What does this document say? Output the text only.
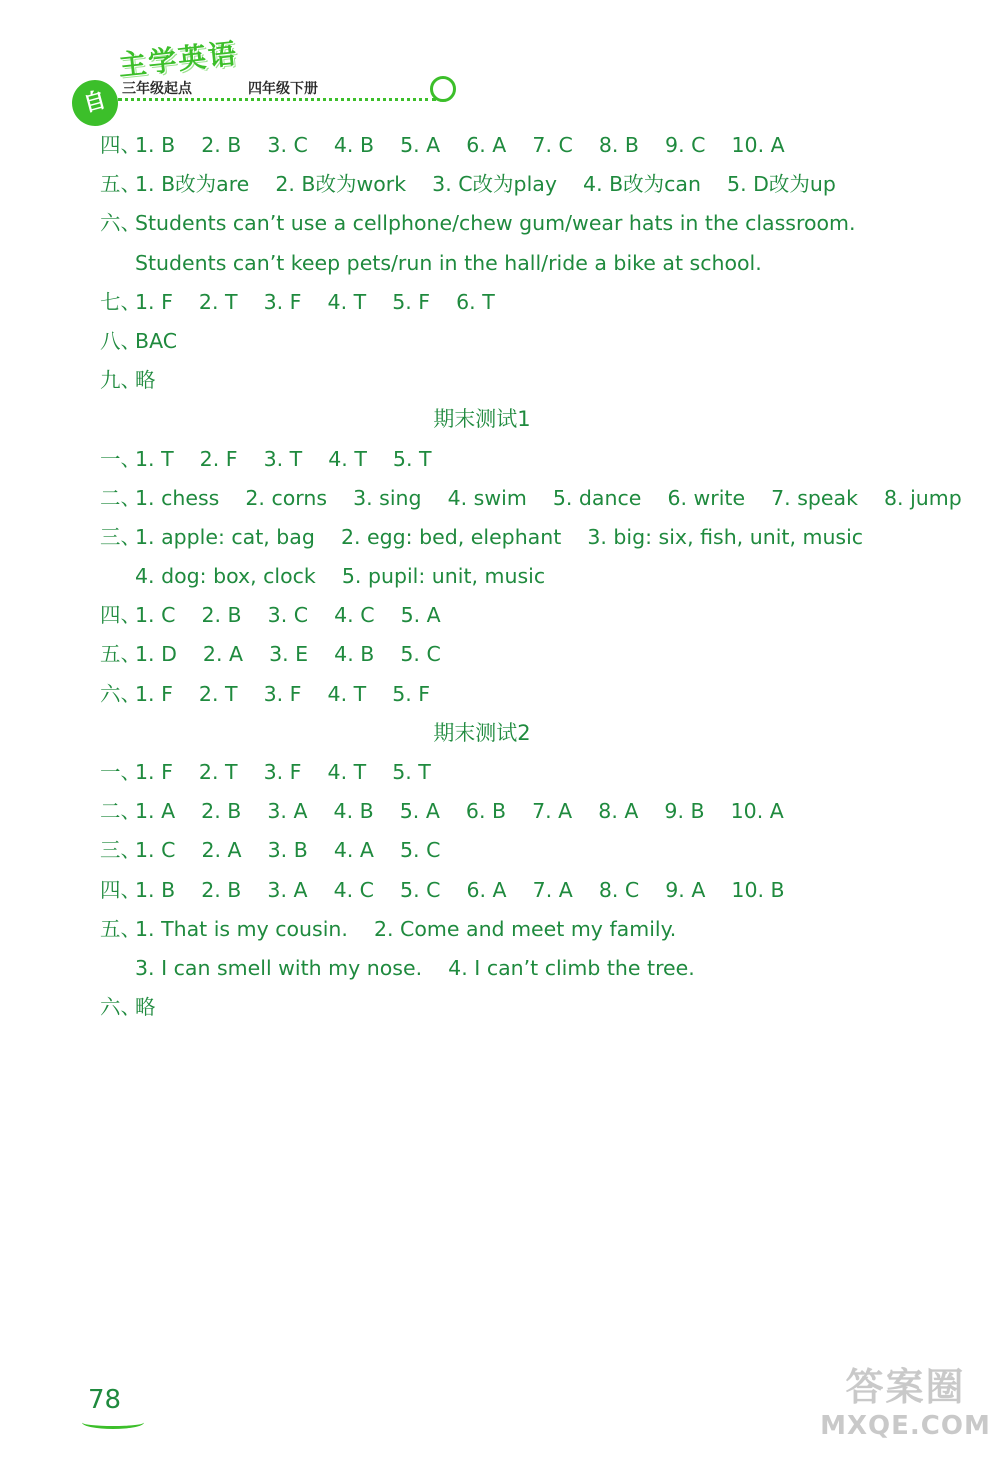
自
主学英语
三年级起点	四年级下册
四、1. B    2. B    3. C    4. B    5. A    6. A    7. C    8. B    9. C    10. A
五、1. B改为are    2. B改为work    3. C改为play    4. B改为can    5. D改为up
六、Students can’t use a cellphone/chew gum/wear hats in the classroom.
Students can’t keep pets/run in the hall/ride a bike at school.
七、1. F    2. T    3. F    4. T    5. F    6. T
八、BAC
九、略
期末测试1
一、1. T    2. F    3. T    4. T    5. T
二、1. chess    2. corns    3. sing    4. swim    5. dance    6. write    7. speak    8. jump
三、1. apple: cat, bag    2. egg: bed, elephant    3. big: six, fish, unit, music
4. dog: box, clock    5. pupil: unit, music
四、1. C    2. B    3. C    4. C    5. A
五、1. D    2. A    3. E    4. B    5. C
六、1. F    2. T    3. F    4. T    5. F
期末测试2
一、1. F    2. T    3. F    4. T    5. T
二、1. A    2. B    3. A    4. B    5. A    6. B    7. A    8. A    9. B    10. A
三、1. C    2. A    3. B    4. A    5. C
四、1. B    2. B    3. A    4. C    5. C    6. A    7. A    8. C    9. A    10. B
五、1. That is my cousin.    2. Come and meet my family.
3. I can smell with my nose.    4. I can’t climb the tree.
六、略
78	答案圈
MXQE.COM
